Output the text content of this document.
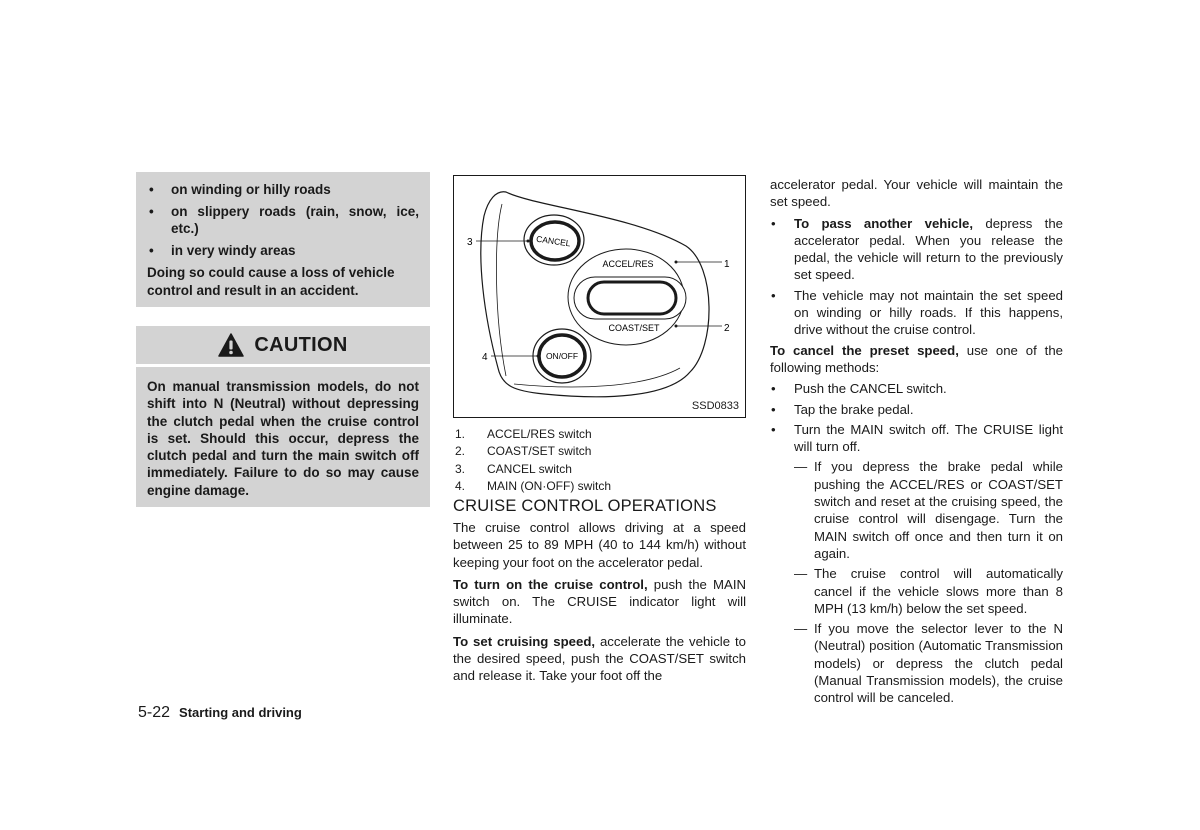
• on winding or hilly roads
• on slippery roads (rain, snow, ice, etc.)
• in very windy areas

Doing so could cause a loss of vehicle control and result in an accident.

CAUTION
On manual transmission models, do not shift into N (Neutral) without depressing the clutch pedal when the cruise control is set. Should this occur, depress the clutch pedal and turn the main switch off immediately. Failure to do so may cause engine damage.
5-22 Starting and driving
CANCEL
ACCEL/RES
COAST/SET
ON/OFF
1
2
3
4
SSD0833
1.	ACCEL/RES switch
2.	COAST/SET switch
3.	CANCEL switch
4.	MAIN (ON·OFF) switch
CRUISE CONTROL OPERATIONS

The cruise control allows driving at a speed between 25 to 89 MPH (40 to 144 km/h) without keeping your foot on the accelerator pedal.

To turn on the cruise control, push the MAIN switch on. The CRUISE indicator light will illuminate.

To set cruising speed, accelerate the vehicle to the desired speed, push the COAST/SET switch and release it. Take your foot off the

accelerator pedal. Your vehicle will maintain the set speed.

• To pass another vehicle, depress the accelerator pedal. When you release the pedal, the vehicle will return to the previously set speed.
• The vehicle may not maintain the set speed on winding or hilly roads. If this happens, drive without the cruise control.

To cancel the preset speed, use one of the following methods:

• Push the CANCEL switch.
• Tap the brake pedal.
• Turn the MAIN switch off. The CRUISE light will turn off.
— If you depress the brake pedal while pushing the ACCEL/RES or COAST/SET switch and reset at the cruising speed, the cruise control will disengage. Turn the MAIN switch off once and then turn it on again.
— The cruise control will automatically cancel if the vehicle slows more than 8 MPH (13 km/h) below the set speed.
— If you move the selector lever to the N (Neutral) position (Automatic Transmission models) or depress the clutch pedal (Manual Transmission models), the cruise control will be canceled.
